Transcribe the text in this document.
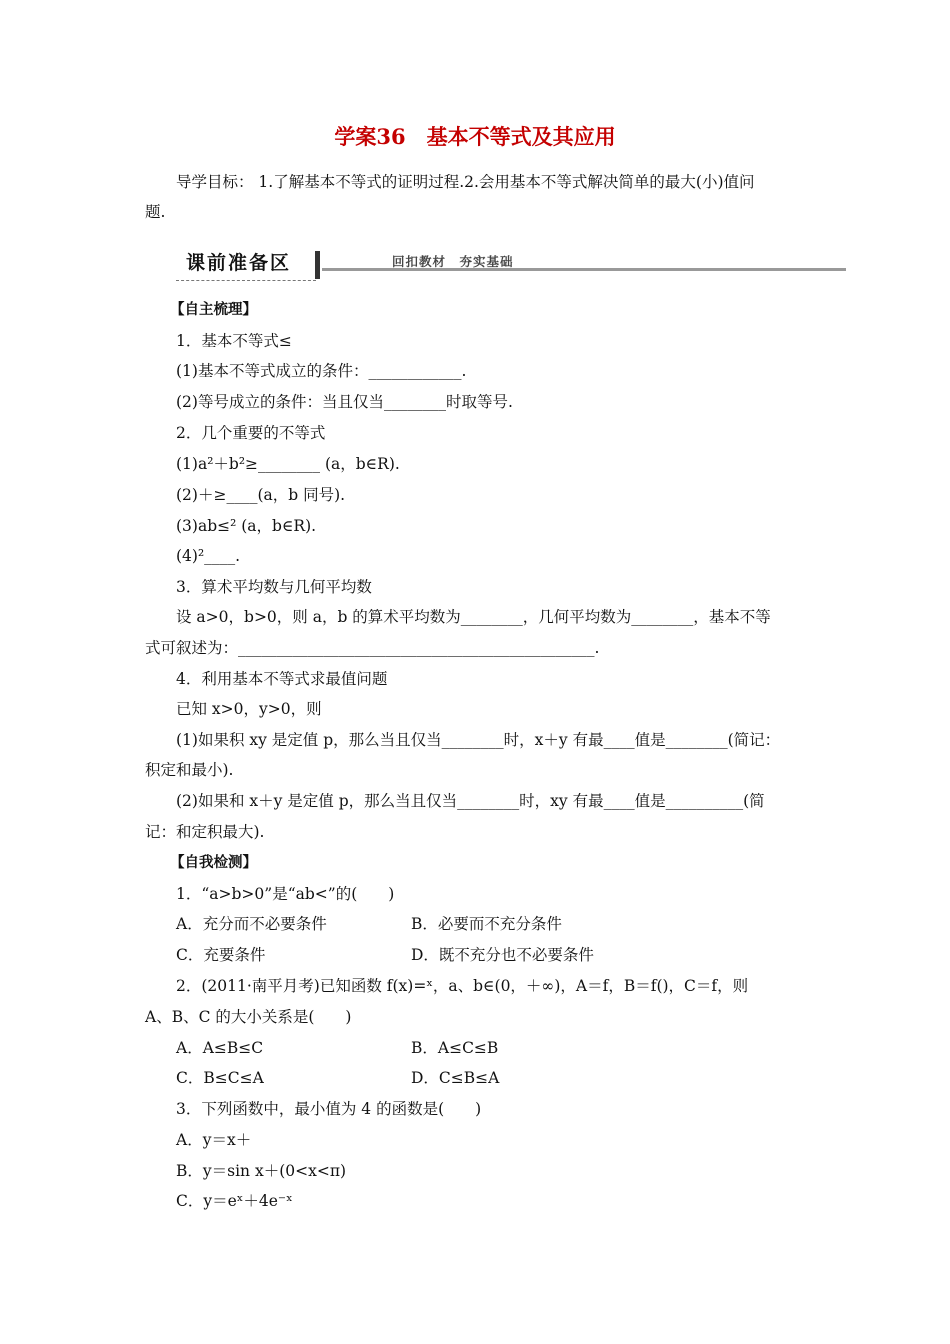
学案36　基本不等式及其应用
导学目标： 1.了解基本不等式的证明过程.2.会用基本不等式解决简单的最大(小)值问
题.
课前准备区	回扣教材　夯实基础
【自主梳理】
1．基本不等式≤
(1)基本不等式成立的条件：____________.
(2)等号成立的条件：当且仅当________时取等号.
2．几个重要的不等式
(1)a²＋b²≥________ (a，b∈R).
(2)＋≥____(a，b 同号).
(3)ab≤² (a，b∈R).
(4)²____.
3．算术平均数与几何平均数
设 a>0，b>0，则 a，b 的算术平均数为________，几何平均数为________，基本不等
式可叙述为：______________________________________________.
4．利用基本不等式求最值问题
已知 x>0，y>0，则
(1)如果积 xy 是定值 p，那么当且仅当________时，x＋y 有最____值是________(简记：
积定和最小).
(2)如果和 x＋y 是定值 p，那么当且仅当________时，xy 有最____值是__________(简
记：和定积最大).
【自我检测】
1．“a>b>0”是“ab<”的(　　)
A．充分而不必要条件	B．必要而不充分条件
C．充要条件	D．既不充分也不必要条件
2．(2011·南平月考)已知函数 f(x)=ˣ，a、b∈(0，＋∞)，A＝f，B＝f()，C＝f，则
A、B、C 的大小关系是(　　)
A．A≤B≤C	B．A≤C≤B
C．B≤C≤A	D．C≤B≤A
3．下列函数中，最小值为 4 的函数是(　　)
A．y＝x＋
B．y＝sin x＋(0<x<π)
C．y＝eˣ＋4e⁻ˣ
